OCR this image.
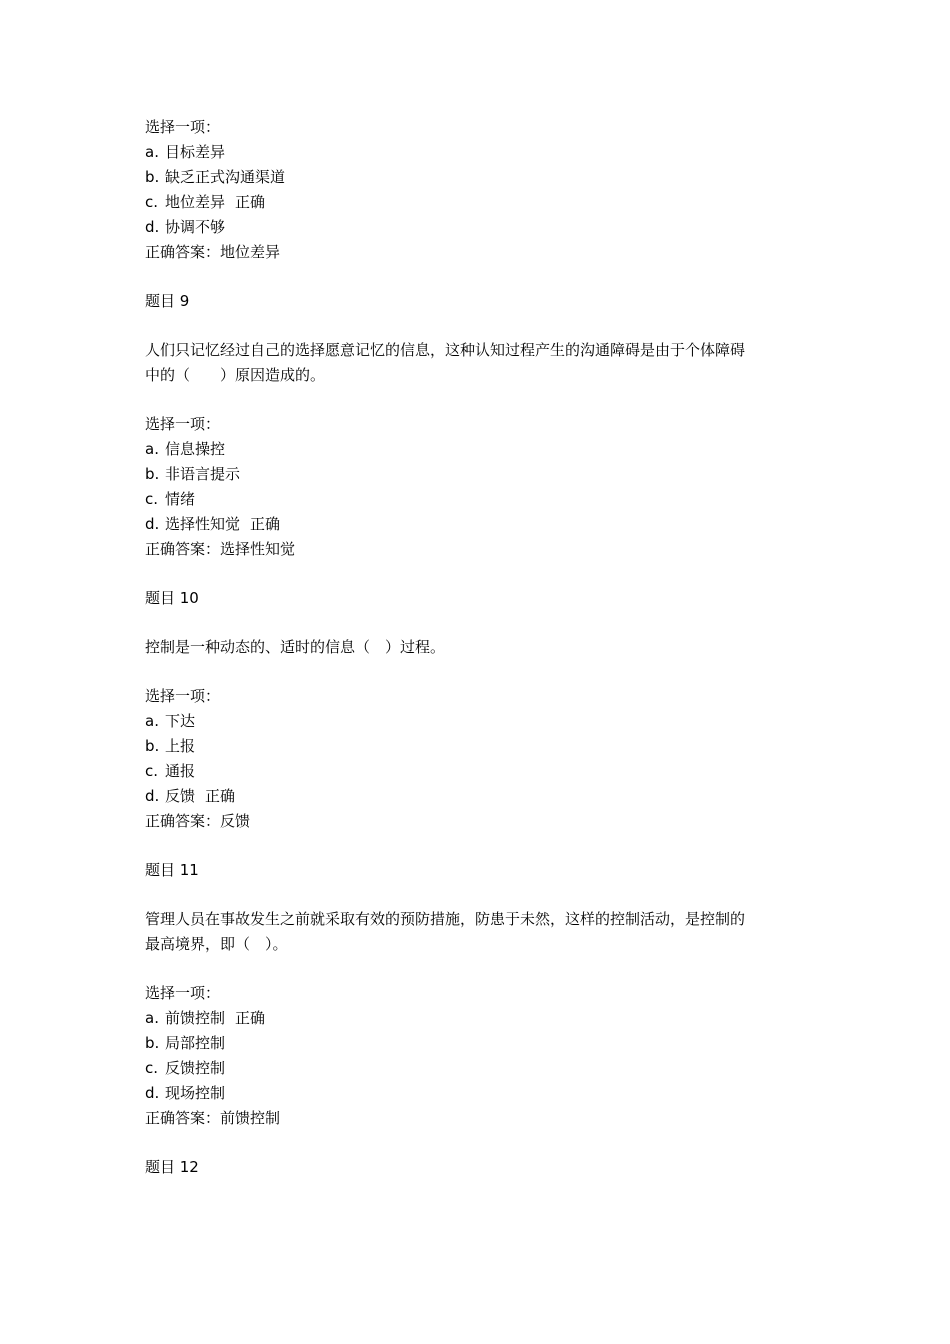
选择一项：
a. 目标差异
b. 缺乏正式沟通渠道
c. 地位差异 正确
d. 协调不够
正确答案：地位差异
题目 9
人们只记忆经过自己的选择愿意记忆的信息，这种认知过程产生的沟通障碍是由于个体障碍
中的（　　）原因造成的。
选择一项：
a. 信息操控
b. 非语言提示
c. 情绪
d. 选择性知觉 正确
正确答案：选择性知觉
题目 10
控制是一种动态的、适时的信息（　）过程。
选择一项：
a. 下达
b. 上报
c. 通报
d. 反馈 正确
正确答案：反馈
题目 11
管理人员在事故发生之前就采取有效的预防措施，防患于未然，这样的控制活动，是控制的
最高境界，即（　）。
选择一项：
a. 前馈控制 正确
b. 局部控制
c. 反馈控制
d. 现场控制
正确答案：前馈控制
题目 12
